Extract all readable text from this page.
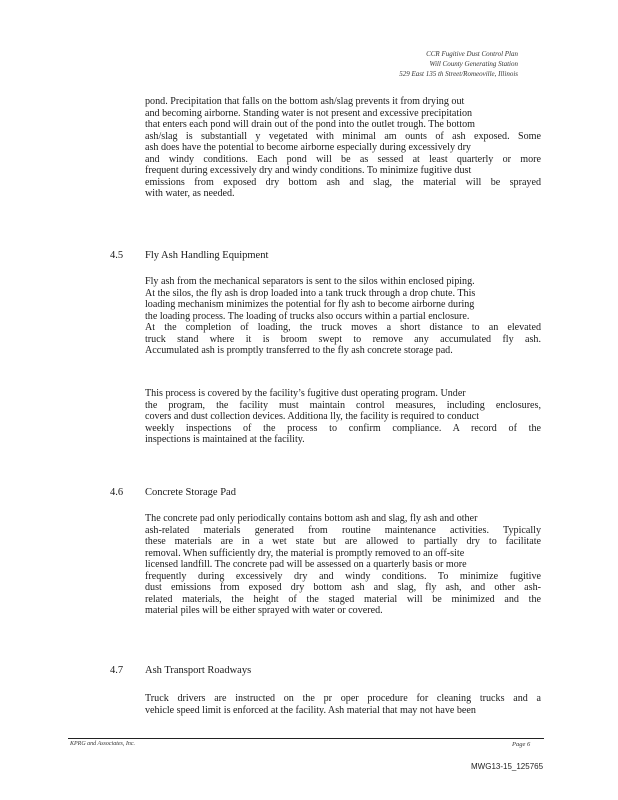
CCR Fugitive Dust Control Plan
Will County Generating Station
529 East 135 th Street/Romeoville, Illinois
pond. Precipitation that falls on the bottom ash/slag prevents it from drying out
and becoming airborne. Standing water is not present and excessive precipitation
that enters each pond will drain out of the pond into the outlet trough. The bottom
ash/slag is substantiall y vegetated with minimal am ounts of ash exposed. Some
ash does have the potential to become airborne especially during excessively dry
and windy conditions. Each pond will be as sessed at least quarterly or more
frequent during excessively dry and windy conditions. To minimize fugitive dust
emissions from exposed dry bottom ash and slag, the material will be sprayed
with water, as needed.
4.5 Fly Ash Handling Equipment
Fly ash from the mechanical separators is sent to the silos within enclosed piping.
At the silos, the fly ash is drop loaded into a tank truck through a drop chute. This
loading mechanism minimizes the potential for fly ash to become airborne during
the loading process. The loading of trucks also occurs within a partial enclosure.
At the completion of loading, the truck moves a short distance to an elevated
truck stand where it is broom swept to remove any accumulated fly ash.
Accumulated ash is promptly transferred to the fly ash concrete storage pad.
This process is covered by the facility’s fugitive dust operating program. Under
the program, the facility must maintain control measures, including enclosures,
covers and dust collection devices. Additiona lly, the facility is required to conduct
weekly inspections of the process to confirm compliance. A record of the
inspections is maintained at the facility.
4.6 Concrete Storage Pad
The concrete pad only periodically contains bottom ash and slag, fly ash and other
ash-related materials generated from routine maintenance activities. Typically
these materials are in a wet state but are allowed to partially dry to facilitate
removal. When sufficiently dry, the material is promptly removed to an off-site
licensed landfill. The concrete pad will be assessed on a quarterly basis or more
frequently during excessively dry and windy conditions. To minimize fugitive
dust emissions from exposed dry bottom ash and slag, fly ash, and other ash-
related materials, the height of the staged material will be minimized and the
material piles will be either sprayed with water or covered.
4.7 Ash Transport Roadways
Truck drivers are instructed on the pr oper procedure for cleaning trucks and a
vehicle speed limit is enforced at the facility. Ash material that may not have been
KPRG and Associates, Inc.	Page 6
MWG13-15_125765
